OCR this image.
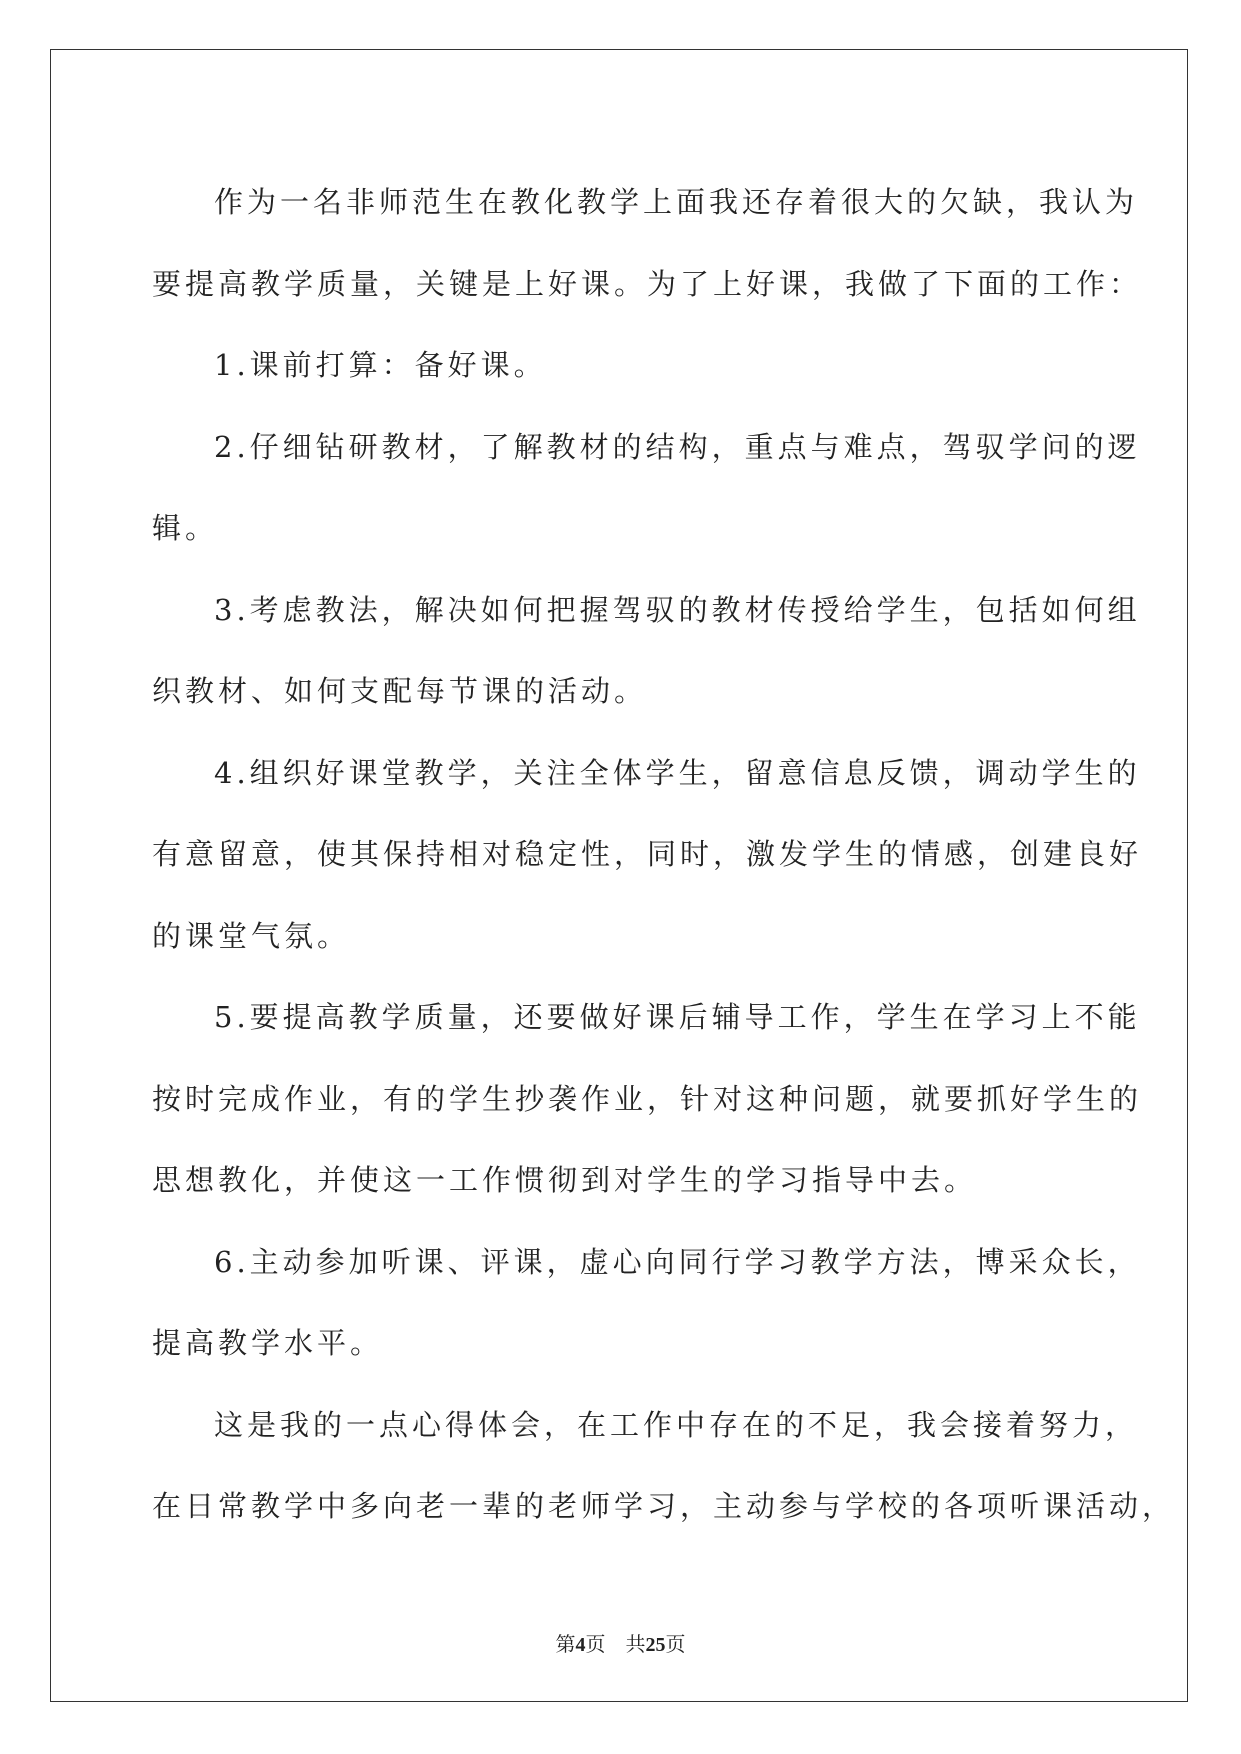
作为一名非师范生在教化教学上面我还存着很大的欠缺，我认为
要提高教学质量，关键是上好课。为了上好课，我做了下面的工作：
1.课前打算：备好课。
2.仔细钻研教材，了解教材的结构，重点与难点，驾驭学问的逻
辑。
3.考虑教法，解决如何把握驾驭的教材传授给学生，包括如何组
织教材、如何支配每节课的活动。
4.组织好课堂教学，关注全体学生，留意信息反馈，调动学生的
有意留意，使其保持相对稳定性，同时，激发学生的情感，创建良好
的课堂气氛。
5.要提高教学质量，还要做好课后辅导工作，学生在学习上不能
按时完成作业，有的学生抄袭作业，针对这种问题，就要抓好学生的
思想教化，并使这一工作惯彻到对学生的学习指导中去。
6.主动参加听课、评课，虚心向同行学习教学方法，博采众长，
提高教学水平。
这是我的一点心得体会，在工作中存在的不足，我会接着努力，
在日常教学中多向老一辈的老师学习，主动参与学校的各项听课活动，
第4页 共25页
